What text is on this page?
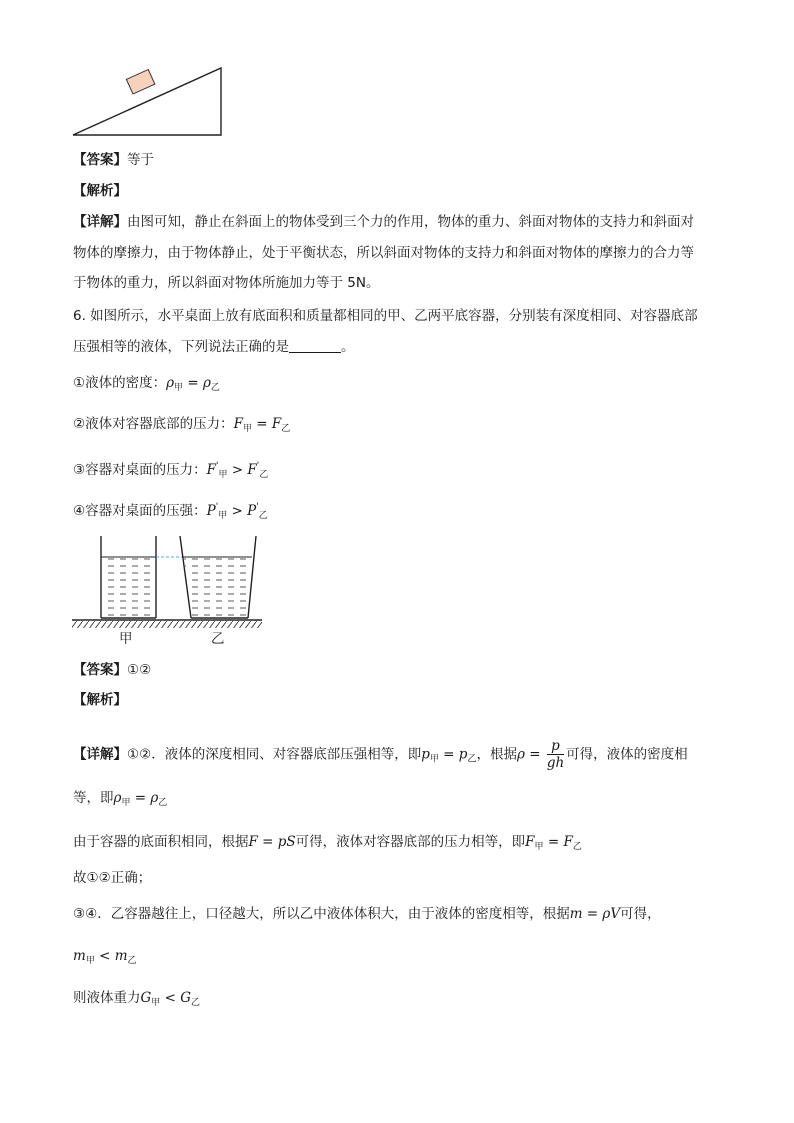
【答案】等于
【解析】
【详解】由图可知，静止在斜面上的物体受到三个力的作用，物体的重力、斜面对物体的支持力和斜面对
物体的摩擦力，由于物体静止，处于平衡状态，所以斜面对物体的支持力和斜面对物体的摩擦力的合力等
于物体的重力，所以斜面对物体所施加力等于 5N。
6. 如图所示，水平桌面上放有底面积和质量都相同的甲、乙两平底容器，分别装有深度相同、对容器底部
压强相等的液体，下列说法正确的是	。
①液体的密度：$\rho_甲 = \rho_乙$
②液体对容器底部的压力：$F_甲 = F_乙$
③容器对桌面的压力：$F'_甲 > F'_乙$
④容器对桌面的压强：$P'_甲 > P'_乙$
甲	乙
【答案】①②
【解析】
【详解】①②．液体的深度相同、对容器底部压强相等，即$p_甲 = p_乙$，根据$\rho = \frac{p}{gh}$ 可得，液体的密度相
等，即$\rho_甲 = \rho_乙$
由于容器的底面积相同，根据F = pS可得，液体对容器底部的压力相等，即$F_甲 = F_乙$
故①②正确；
③④．乙容器越往上，口径越大，所以乙中液体体积大，由于液体的密度相等，根据m = ρV可得，
$m_甲 < m_乙$
则液体重力$G_甲 < G_乙$
